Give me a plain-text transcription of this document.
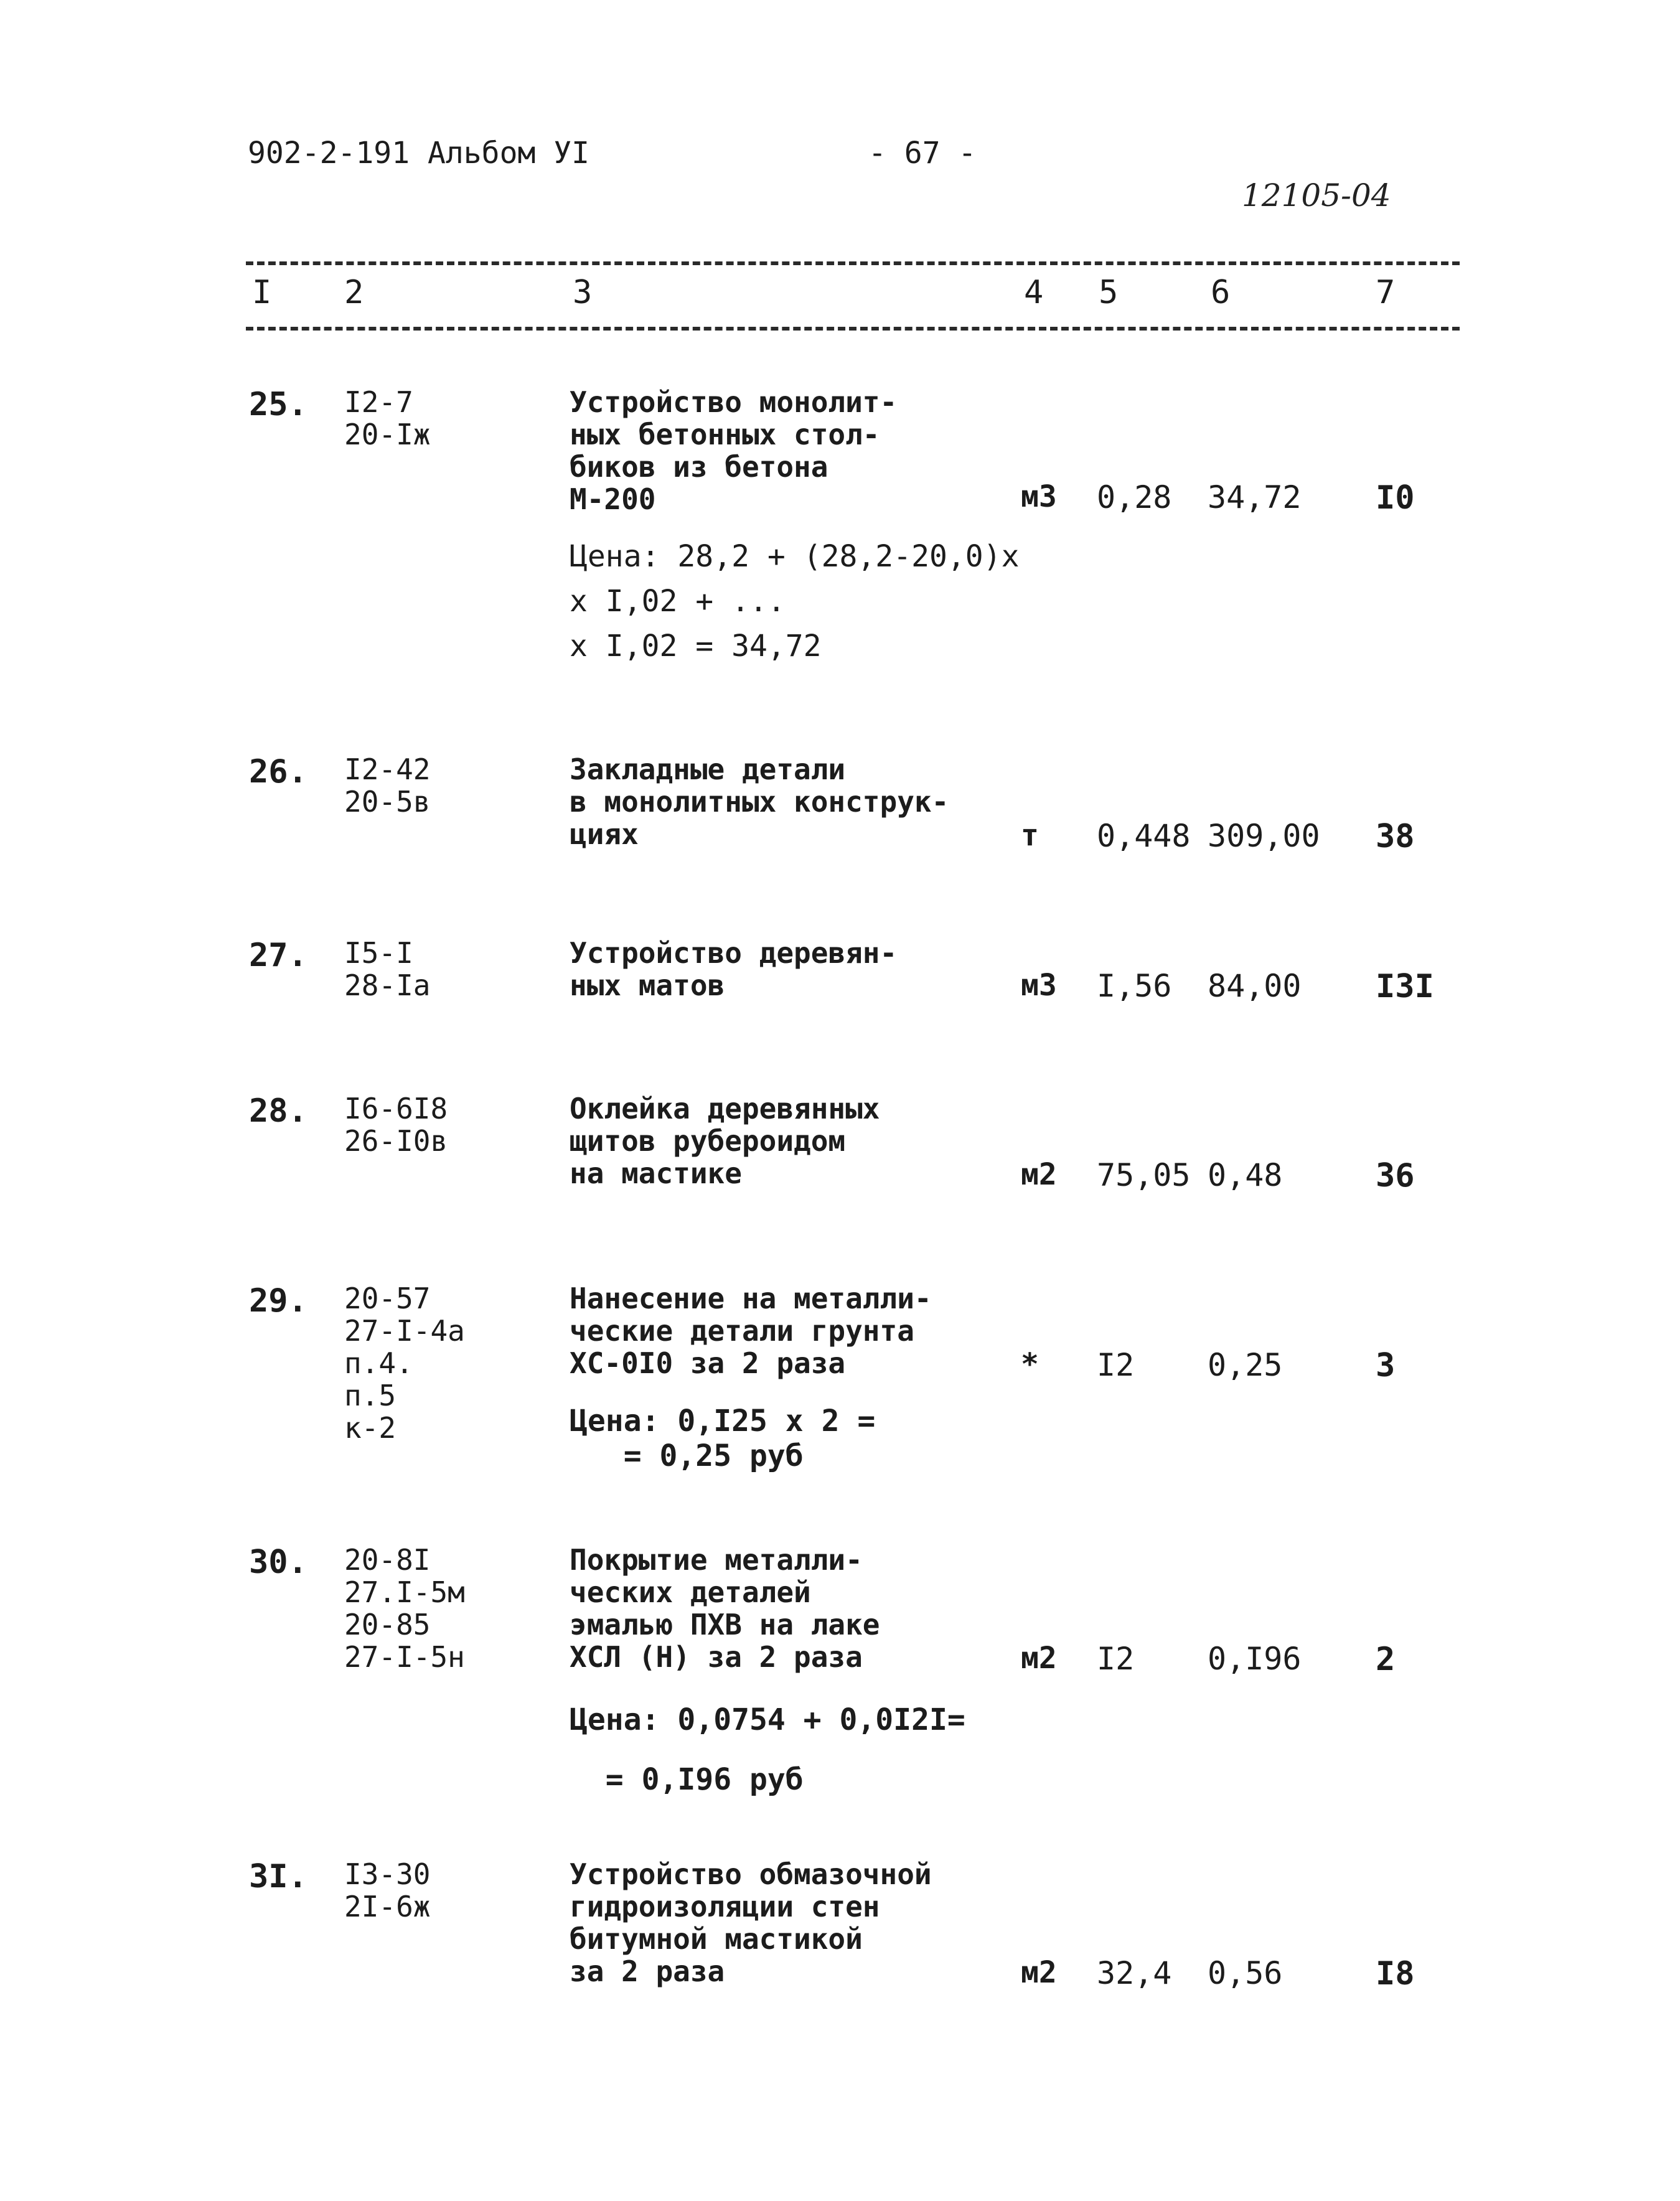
902-2-191 Альбом УI	- 67 -
12105-04
I 2	3	4 5	6	7
25. I2-7
20-Iж
Устройство монолит-
ных бетонных стол-
биков из бетона
М-200	м3 0,28 34,72 I0
Цена: 28,2 + (28,2-20,0)х
х I,02 + ...
х I,02 = 34,72
26. I2-42
20-5в
Закладные детали
в монолитных конструк-
циях	т 0,448 309,00 38
27. I5-I
28-Iа
Устройство деревян-
ных матов	м3 I,56 84,00 I3I
28. I6-6I8
26-I0в
Оклейка деревянных
щитов рубероидом
на мастике	м2 75,05 0,48	36
29. 20-57
27-I-4а
п.4.
п.5
к-2
Нанесение на металли-
ческие детали грунта
ХС-0I0 за 2 раза	* I2 0,25	3
Цена: 0,I25 х 2 =
= 0,25 руб
30. 20-8I
27.I-5м
20-85
27-I-5н
Покрытие металли-
ческих деталей
эмалью ПХВ на лаке
ХСЛ (Н) за 2 раза	м2 I2 0,I96 2
Цена: 0,0754 + 0,0I2I=
= 0,I96 руб
3I. I3-30
2I-6ж
Устройство обмазочной
гидроизоляции стен
битумной мастикой
за 2 раза	м2 32,4 0,56	I8
